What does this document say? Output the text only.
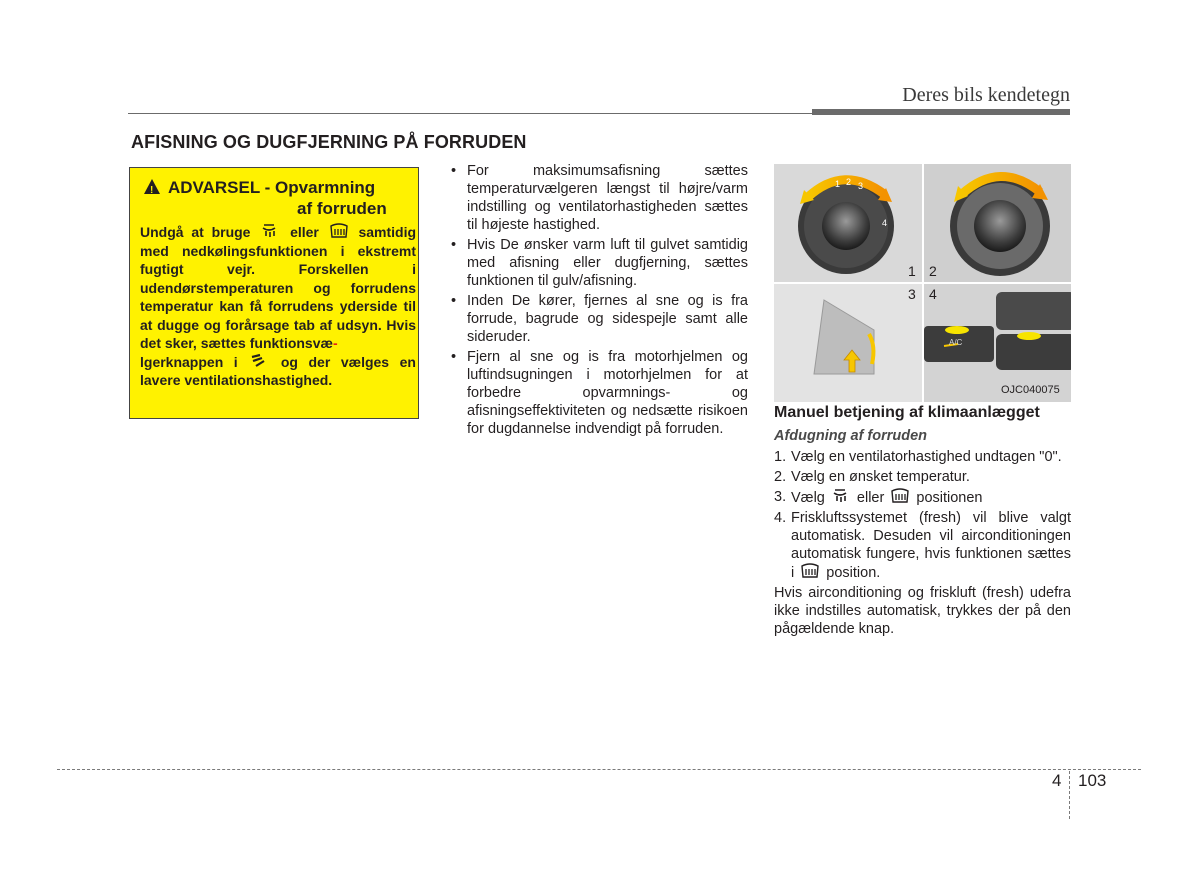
Deres bils kendetegn
AFISNING OG DUGFJERNING PÅ FORRUDEN
!ADVARSEL - Opvarmning
af forruden
Undgå at bruge	eller	samtidig med nedkølingsfunktionen i ekstremt fugtigt vejr. Forskellen i udendørstemperaturen og forrudens temperatur kan få forrudens yderside til at dugge og forårsage tab af udsyn. Hvis det sker, sættes funktionsvæ-
lgerknappen i	og der vælges en lavere ventilationshastighed.
• For maksimumsafisning sættes temperaturvælgeren længst til højre/varm indstilling og ventilatorhastigheden sættes til højeste hastighed.
• Hvis De ønsker varm luft til gulvet samtidig med afisning eller dugfjerning, sættes funktionen til gulv/afisning.
• Inden De kører, fjernes al sne og is fra forrude, bagrude og sidespejle samt alle sideruder.
• Fjern al sne og is fra motorhjelmen og luftindsugningen i motorhjelmen for at forbedre opvarmnings- og afisningseffektiviteten og nedsætte risikoen for dugdannelse indvendigt på forruden.
1 2 3
4
1 2
3 4
A/C
OJC040075
Manuel betjening af klimaanlægget
Afdugning af forruden
1. Vælg en ventilatorhastighed undtagen "0".
2. Vælg en ønsket temperatur.
3. Vælg eller positionen
4. Friskluftssystemet (fresh) vil blive valgt automatisk. Desuden vil airconditioningen automatisk fungere, hvis funktionen sættes i position.
Hvis airconditioning og friskluft (fresh) udefra ikke indstilles automatisk, trykkes der på den pågældende knap.
4 103
